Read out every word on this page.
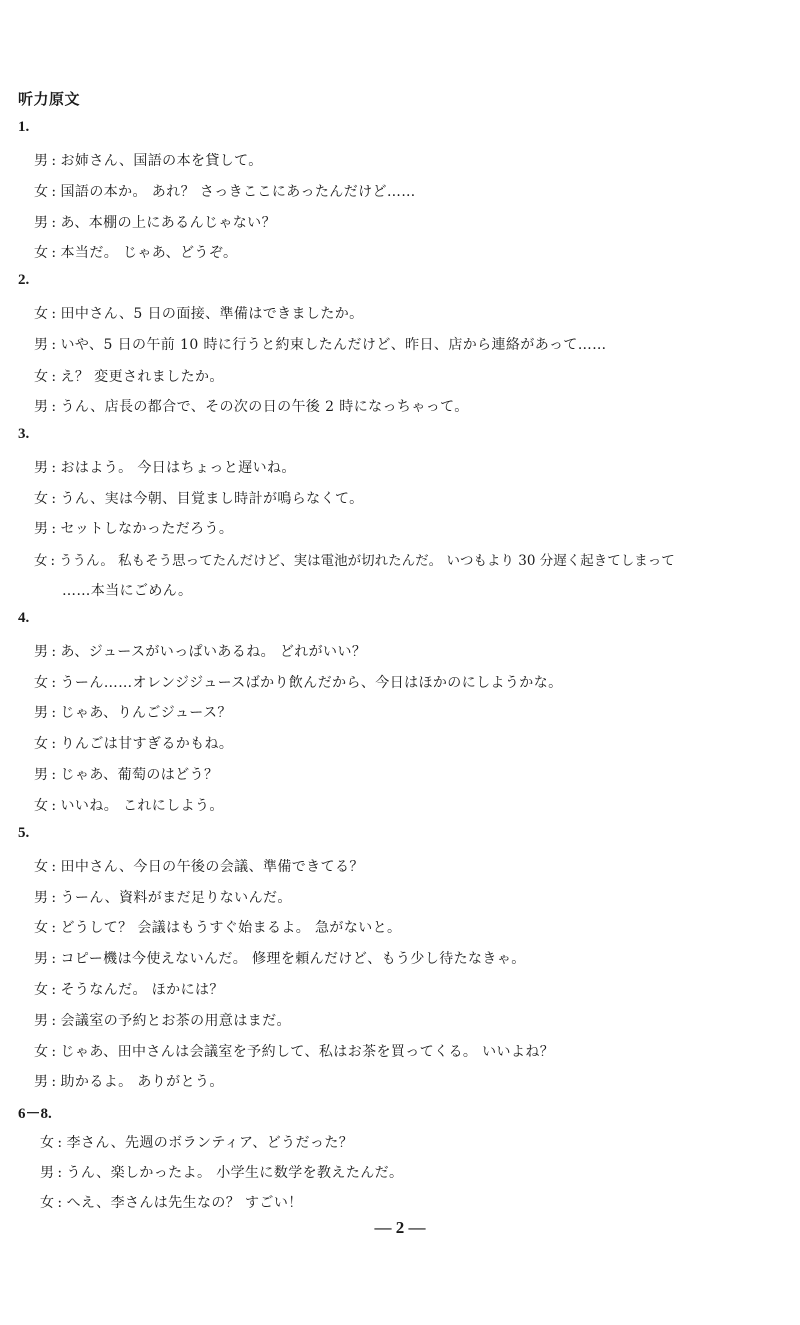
听力原文
1.
男 : お姉さん、国語の本を貸して。
女 : 国語の本か。 あれ？ さっきここにあったんだけど……
男 : あ、本棚の上にあるんじゃない？
女 : 本当だ。 じゃあ、どうぞ。
2.
女 : 田中さん、5 日の面接、準備はできましたか。
男 : いや、5 日の午前 10 時に行うと約束したんだけど、昨日、店から連絡があって……
女 : え？ 変更されましたか。
男 : うん、店長の都合で、その次の日の午後 2 時になっちゃって。
3.
男 : おはよう。 今日はちょっと遅いね。
女 : うん、実は今朝、目覚まし時計が鳴らなくて。
男 : セットしなかっただろう。
女 : ううん。 私もそう思ってたんだけど、実は電池が切れたんだ。 いつもより 30 分遅く起きてしまって
……本当にごめん。
4.
男 : あ、ジュースがいっぱいあるね。 どれがいい？
女 : うーん……オレンジジュースばかり飲んだから、今日はほかのにしようかな。
男 : じゃあ、りんごジュース？
女 : りんごは甘すぎるかもね。
男 : じゃあ、葡萄のはどう？
女 : いいね。 これにしよう。
5.
女 : 田中さん、今日の午後の会議、準備できてる？
男 : うーん、資料がまだ足りないんだ。
女 : どうして？ 会議はもうすぐ始まるよ。 急がないと。
男 : コピー機は今使えないんだ。 修理を頼んだけど、もう少し待たなきゃ。
女 : そうなんだ。 ほかには？
男 : 会議室の予約とお茶の用意はまだ。
女 : じゃあ、田中さんは会議室を予約して、私はお茶を買ってくる。 いいよね？
男 : 助かるよ。 ありがとう。
6－8.
女 : 李さん、先週のボランティア、どうだった？
男 : うん、楽しかったよ。 小学生に数学を教えたんだ。
女 : へえ、李さんは先生なの？ すごい！
— 2 —
